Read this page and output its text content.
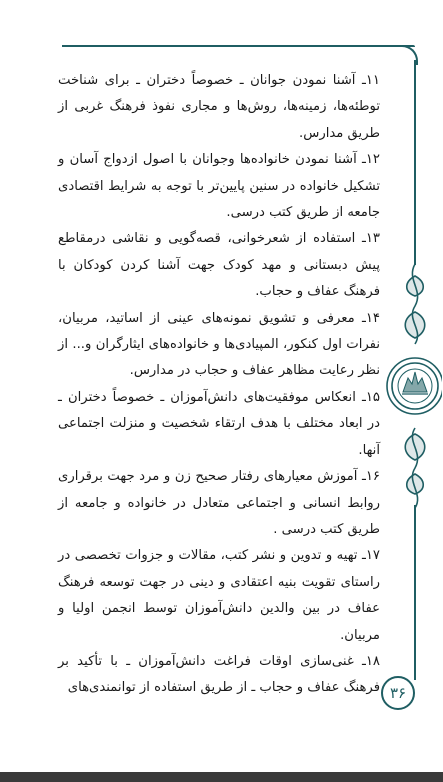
۳۶

۱۱ـ آشنا نمودن جوانان ـ خصوصاً دختران ـ برای شناخت توطئه‌ها، زمینه‌ها، روش‌ها و مجاری نفوذ فرهنگ غربی از طریق مدارس.

۱۲ـ آشنا نمودن خانواده‌ها وجوانان با اصول ازدواج آسان و تشکیل خانواده در سنین پایین‌تر با توجه به شرایط اقتصادی جامعه از طریق کتب درسی.

۱۳ـ استفاده از شعرخوانی، قصه‌گویی و نقاشی درمقاطع پیش دبستانی و مهد کودک جهت آشنا کردن کودکان با فرهنگ عفاف و حجاب.

۱۴ـ معرفی و تشویق نمونه‌های عینی از اساتید، مربیان، نفرات اول کنکور، المپیادی‌ها و خانواده‌های ایثارگران و... از نظر رعایت مظاهر عفاف و حجاب در مدارس.

۱۵ـ انعکاس موفقیت‌های دانش‌آموزان ـ خصوصاً دختران ـ در ابعاد مختلف با هدف ارتقاء شخصیت و منزلت اجتماعی آنها.

۱۶ـ آموزش معیارهای رفتار صحیح زن و مرد جهت برقراری روابط انسانی و اجتماعی متعادل در خانواده و جامعه از طریق کتب درسی .

۱۷ـ تهیه و تدوین و نشر کتب، مقالات و جزوات تخصصی در راستای تقویت بنیه اعتقادی و دینی در جهت توسعه فرهنگ عفاف در بین والدین دانش‌آموزان توسط انجمن اولیا و مربیان.

۱۸ـ غنی‌سازی اوقات فراغت دانش‌آموزان ـ با تأکید بر فرهنگ عفاف و حجاب ـ از طریق استفاده از توانمندی‌های
